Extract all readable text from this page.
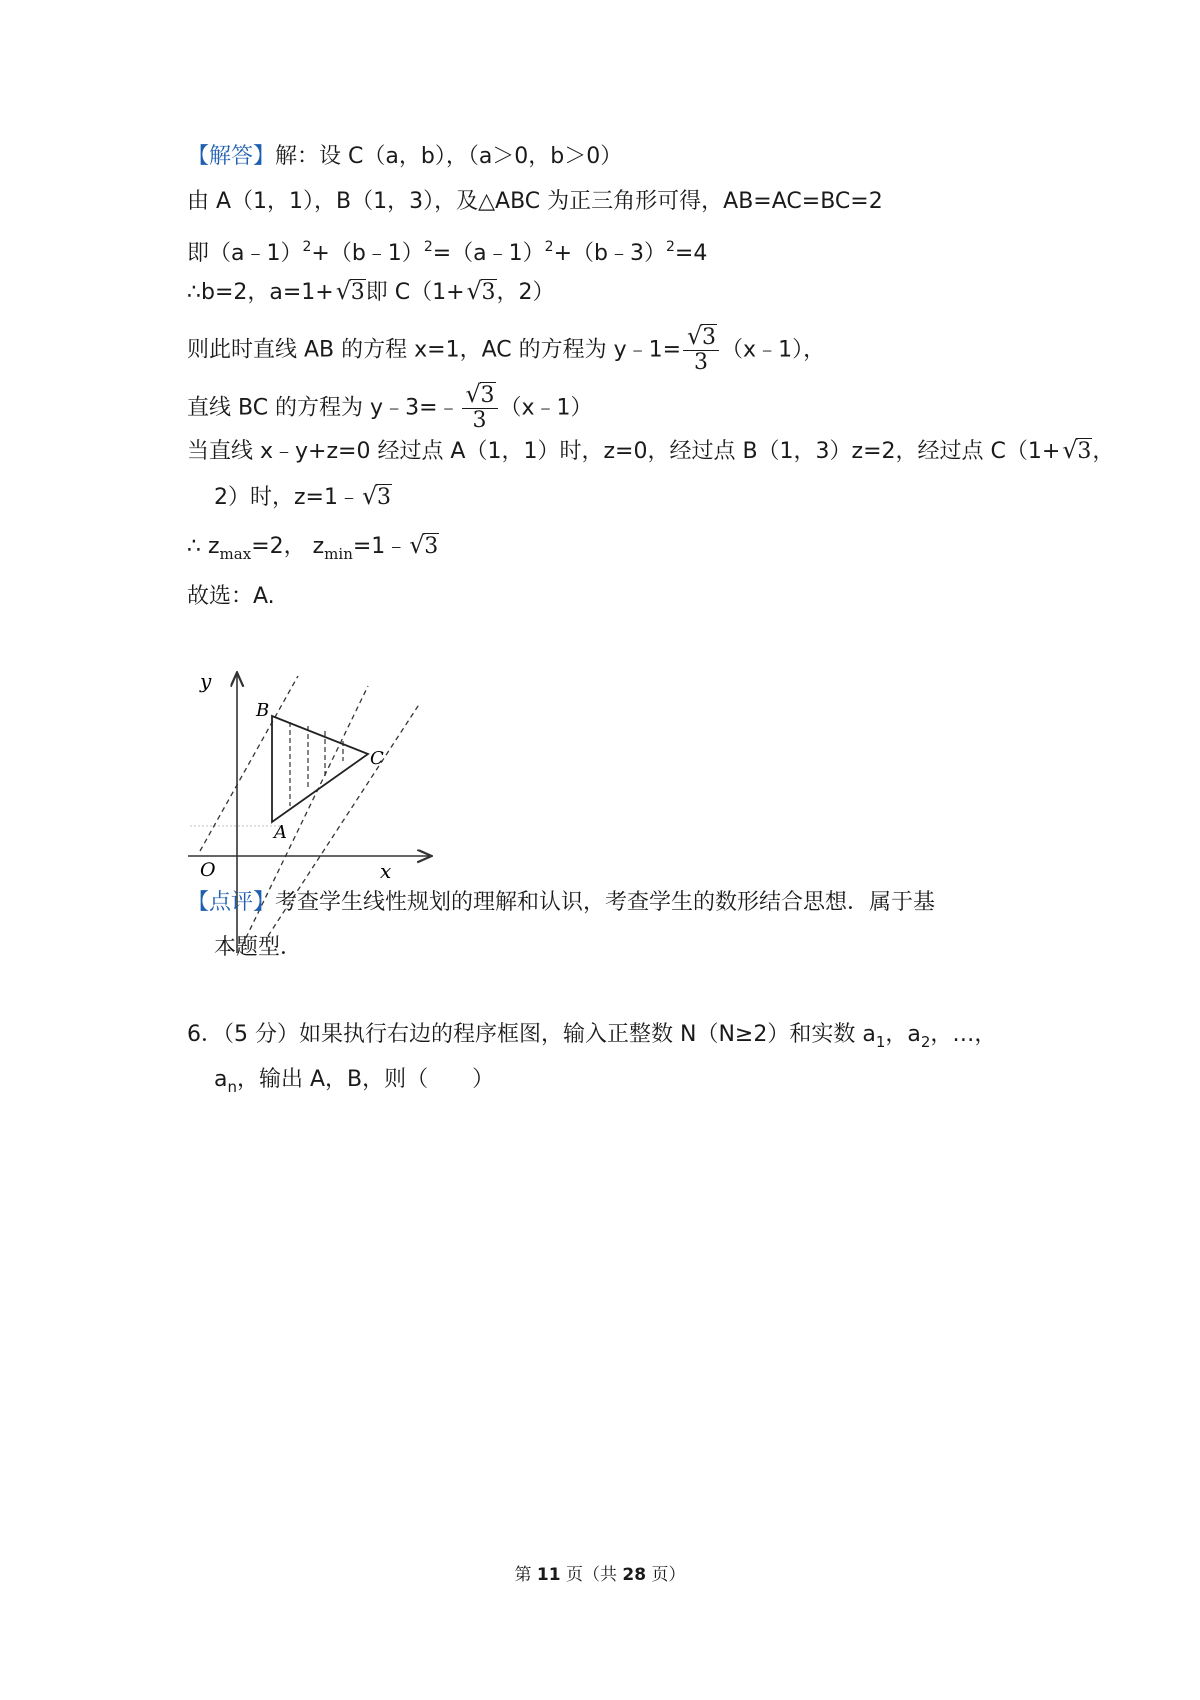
【解答】解：设 C（a，b），（a＞0，b＞0）
由 A（1，1），B（1，3），及△ABC 为正三角形可得，AB=AC=BC=2
即（a﹣1）$^2$+（b﹣1）$^2$=（a﹣1）$^2$+（b﹣3）$^2$=4
∴b=2，a=1+√ 3即 C（1+√ 3，2）
则此时直线 AB 的方程 x=1，AC 的方程为 y﹣1=
√ $\frac{3}{3}$ （x﹣1），
直线 BC 的方程为 y﹣3=﹣
√ $\frac{3}{3}$ （x﹣1）
当直线 x﹣y+z=0 经过点 A（1，1）时，z=0，经过点 B（1，3）z=2，经过点 C（1+√ 3，
2）时，z=1﹣√ 3
∴ $z_{max}=2$， $z_{min}=1﹣√$ 3
故选：A.
y
x
O
B
A
C
【点评】考查学生线性规划的理解和认识，考查学生的数形结合思想．属于基
本题型．
6．（5 分）如果执行右边的程序框图，输入正整数 N（N≥2）和实数 $a_1$，$a_2$，…，
$a_n$，输出 A，B，则（　　）
第 11 页（共 28 页）
